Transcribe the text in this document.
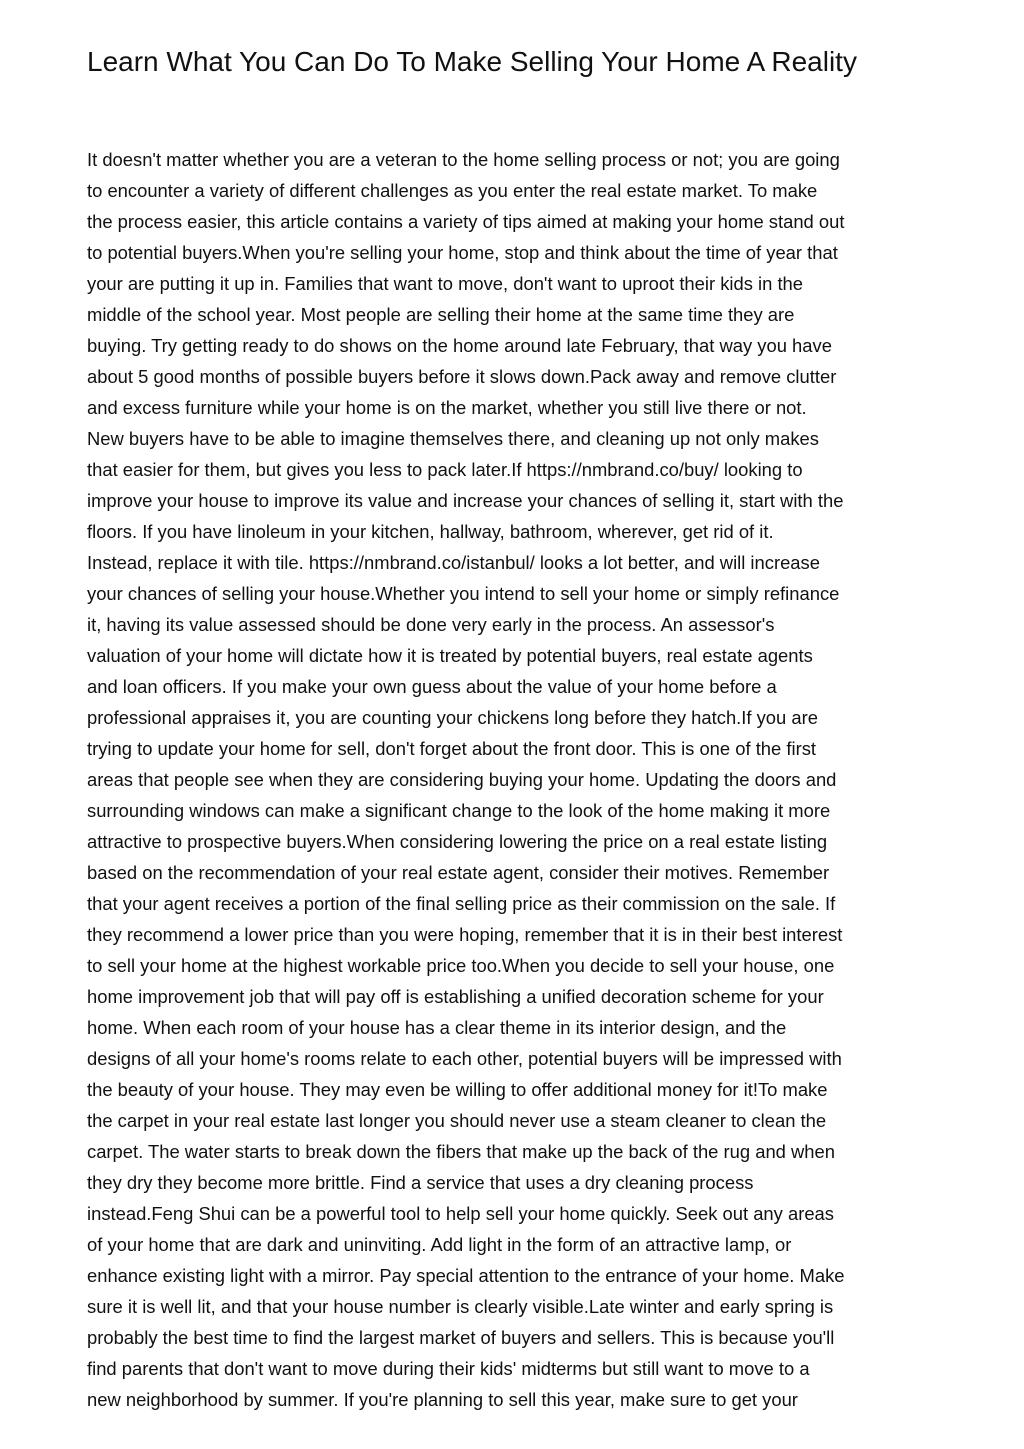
Learn What You Can Do To Make Selling Your Home A Reality
It doesn't matter whether you are a veteran to the home selling process or not; you are going
to encounter a variety of different challenges as you enter the real estate market. To make
the process easier, this article contains a variety of tips aimed at making your home stand out
to potential buyers.When you're selling your home, stop and think about the time of year that
your are putting it up in. Families that want to move, don't want to uproot their kids in the
middle of the school year. Most people are selling their home at the same time they are
buying. Try getting ready to do shows on the home around late February, that way you have
about 5 good months of possible buyers before it slows down.Pack away and remove clutter
and excess furniture while your home is on the market, whether you still live there or not.
New buyers have to be able to imagine themselves there, and cleaning up not only makes
that easier for them, but gives you less to pack later.If https://nmbrand.co/buy/ looking to
improve your house to improve its value and increase your chances of selling it, start with the
floors. If you have linoleum in your kitchen, hallway, bathroom, wherever, get rid of it.
Instead, replace it with tile. https://nmbrand.co/istanbul/ looks a lot better, and will increase
your chances of selling your house.Whether you intend to sell your home or simply refinance
it, having its value assessed should be done very early in the process. An assessor's
valuation of your home will dictate how it is treated by potential buyers, real estate agents
and loan officers. If you make your own guess about the value of your home before a
professional appraises it, you are counting your chickens long before they hatch.If you are
trying to update your home for sell, don't forget about the front door. This is one of the first
areas that people see when they are considering buying your home. Updating the doors and
surrounding windows can make a significant change to the look of the home making it more
attractive to prospective buyers.When considering lowering the price on a real estate listing
based on the recommendation of your real estate agent, consider their motives. Remember
that your agent receives a portion of the final selling price as their commission on the sale. If
they recommend a lower price than you were hoping, remember that it is in their best interest
to sell your home at the highest workable price too.When you decide to sell your house, one
home improvement job that will pay off is establishing a unified decoration scheme for your
home. When each room of your house has a clear theme in its interior design, and the
designs of all your home's rooms relate to each other, potential buyers will be impressed with
the beauty of your house. They may even be willing to offer additional money for it!To make
the carpet in your real estate last longer you should never use a steam cleaner to clean the
carpet. The water starts to break down the fibers that make up the back of the rug and when
they dry they become more brittle. Find a service that uses a dry cleaning process
instead.Feng Shui can be a powerful tool to help sell your home quickly. Seek out any areas
of your home that are dark and uninviting. Add light in the form of an attractive lamp, or
enhance existing light with a mirror. Pay special attention to the entrance of your home. Make
sure it is well lit, and that your house number is clearly visible.Late winter and early spring is
probably the best time to find the largest market of buyers and sellers. This is because you'll
find parents that don't want to move during their kids' midterms but still want to move to a
new neighborhood by summer. If you're planning to sell this year, make sure to get your
